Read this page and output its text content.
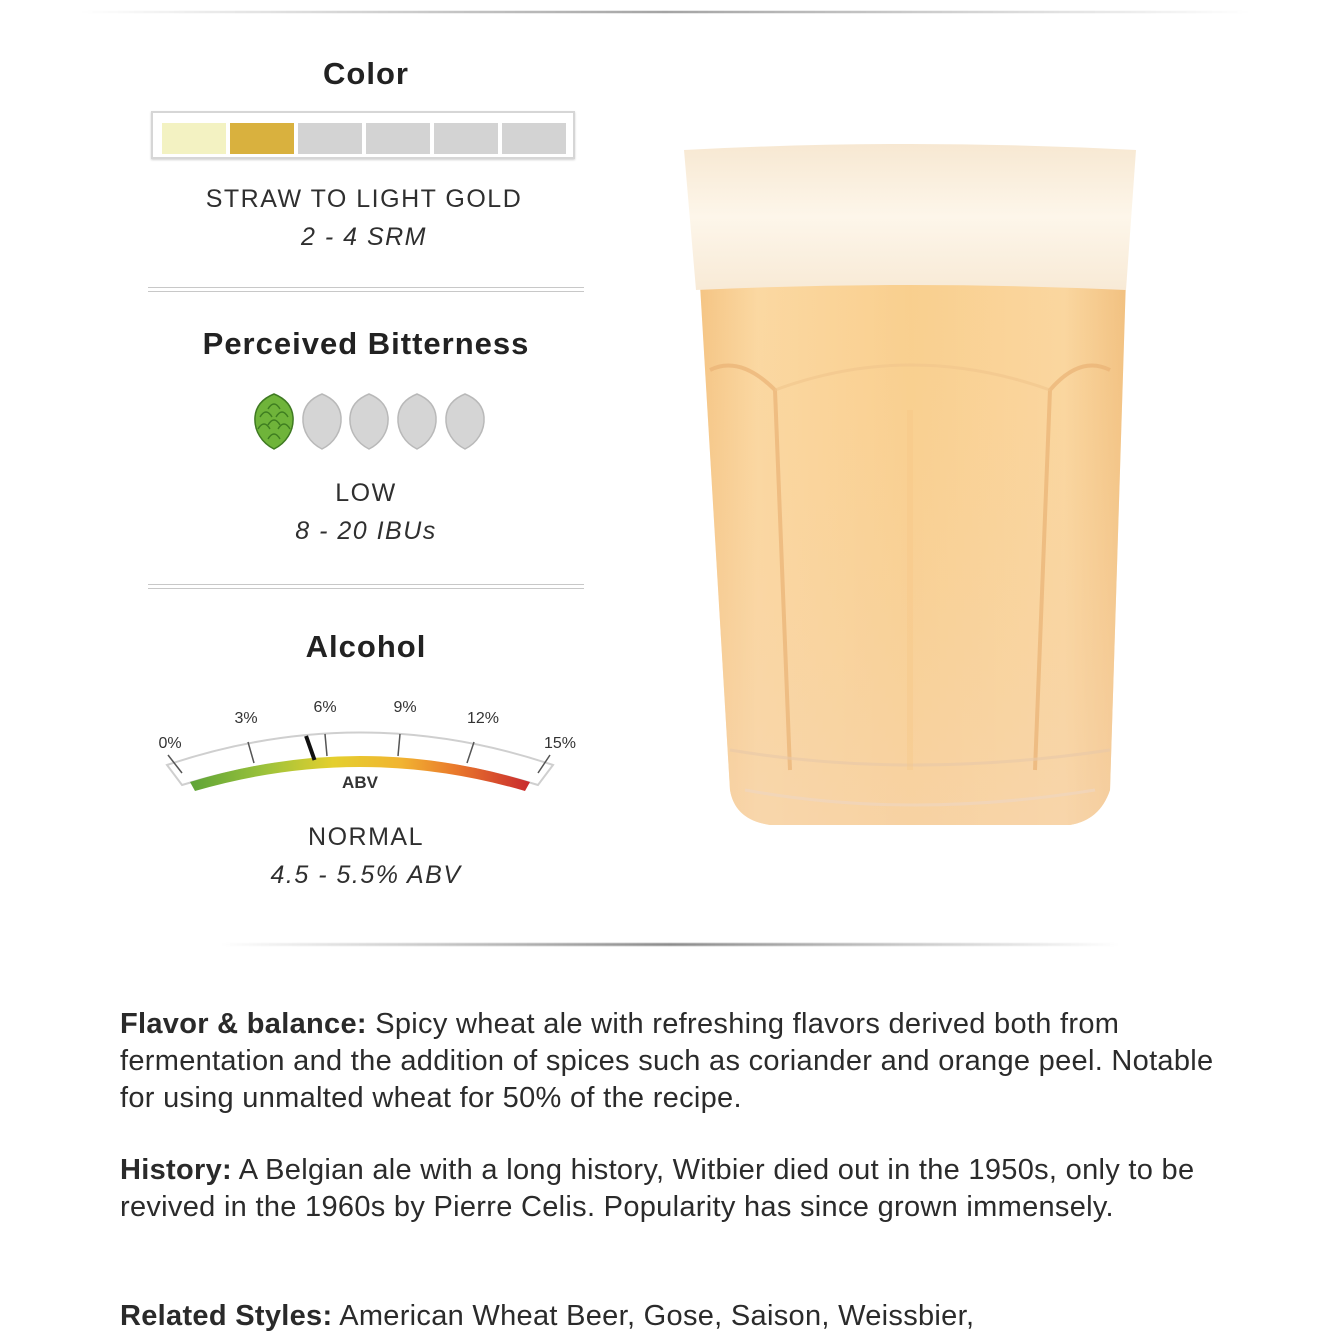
Color
STRAW TO LIGHT GOLD
2 - 4 SRM
Perceived Bitterness
LOW
8 - 20 IBUs
Alcohol
0%
3%
6%	9%
12%
15%
ABV
NORMAL
4.5 - 5.5% ABV
Flavor & balance: Spicy wheat ale with refreshing flavors derived both from fermentation and the addition of spices such as coriander and orange peel. Notable for using unmalted wheat for 50% of the recipe.
History: A Belgian ale with a long history, Witbier died out in the 1950s, only to be revived in the 1960s by Pierre Celis. Popularity has since grown immensely.
Related Styles: American Wheat Beer, Gose, Saison, Weissbier,
